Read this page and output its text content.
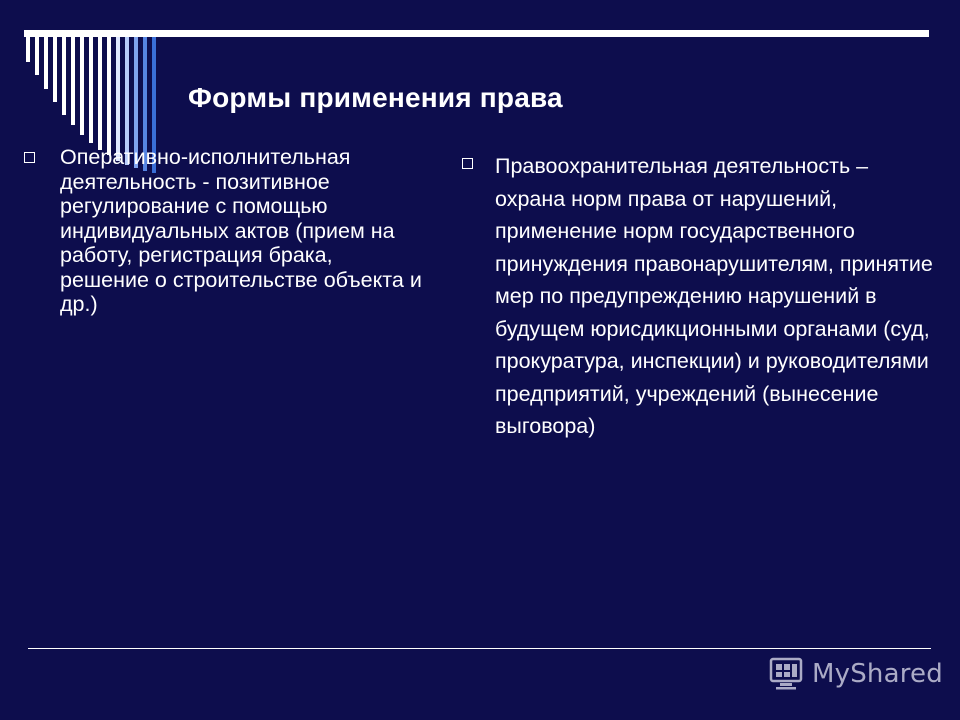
Формы применения права
Оперативно-исполнительная деятельность - позитивное регулирование с помощью индивидуальных актов (прием на работу, регистрация брака, решение о строительстве объекта и др.)
Правоохранительная деятельность – охрана норм права от нарушений, применение норм государственного принуждения правонарушителям, принятие мер по предупреждению нарушений в будущем юрисдикционными органами (суд, прокуратура, инспекции) и руководителями предприятий, учреждений (вынесение выговора)
MyShared
